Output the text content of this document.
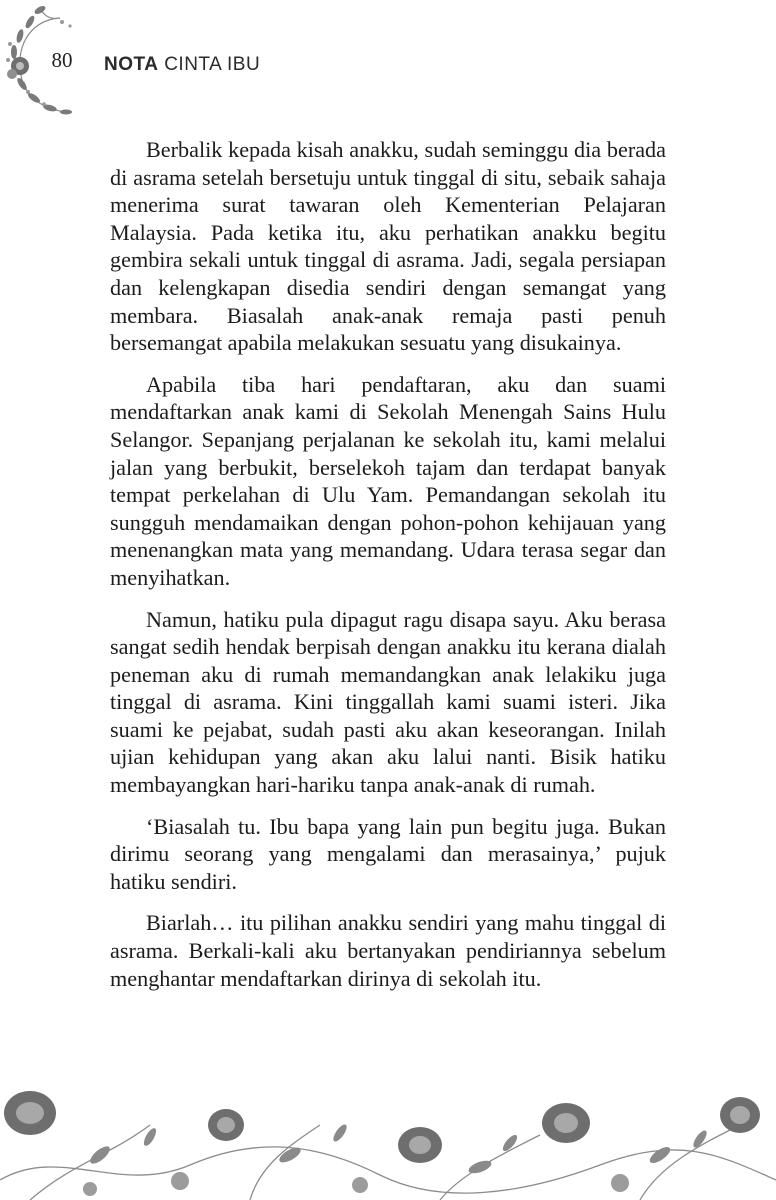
80	NOTA CINTA IBU

Berbalik kepada kisah anakku, sudah seminggu dia berada di asrama setelah bersetuju untuk tinggal di situ, sebaik sahaja menerima surat tawaran oleh Kementerian Pelajaran Malaysia. Pada ketika itu, aku perhatikan anakku begitu gembira sekali untuk tinggal di asrama. Jadi, segala persiapan dan kelengkapan disedia sendiri dengan semangat yang membara. Biasalah anak-anak remaja pasti penuh bersemangat apabila melakukan sesuatu yang disukainya.

Apabila tiba hari pendaftaran, aku dan suami mendaftarkan anak kami di Sekolah Menengah Sains Hulu Selangor. Sepanjang perjalanan ke sekolah itu, kami melalui jalan yang berbukit, berselekoh tajam dan terdapat banyak tempat perkelahan di Ulu Yam. Pemandangan sekolah itu sungguh mendamaikan dengan pohon-pohon kehijauan yang menenangkan mata yang memandang. Udara terasa segar dan menyihatkan.

Namun, hatiku pula dipagut ragu disapa sayu. Aku berasa sangat sedih hendak berpisah dengan anakku itu kerana dialah peneman aku di rumah memandangkan anak lelakiku juga tinggal di asrama. Kini tinggallah kami suami isteri. Jika suami ke pejabat, sudah pasti aku akan keseorangan. Inilah ujian kehidupan yang akan aku lalui nanti. Bisik hatiku membayangkan hari-hariku tanpa anak-anak di rumah.

‘Biasalah tu. Ibu bapa yang lain pun begitu juga. Bukan dirimu seorang yang mengalami dan merasainya,’ pujuk hatiku sendiri.

Biarlah… itu pilihan anakku sendiri yang mahu tinggal di asrama. Berkali-kali aku bertanyakan pendiriannya sebelum menghantar mendaftarkan dirinya di sekolah itu.
